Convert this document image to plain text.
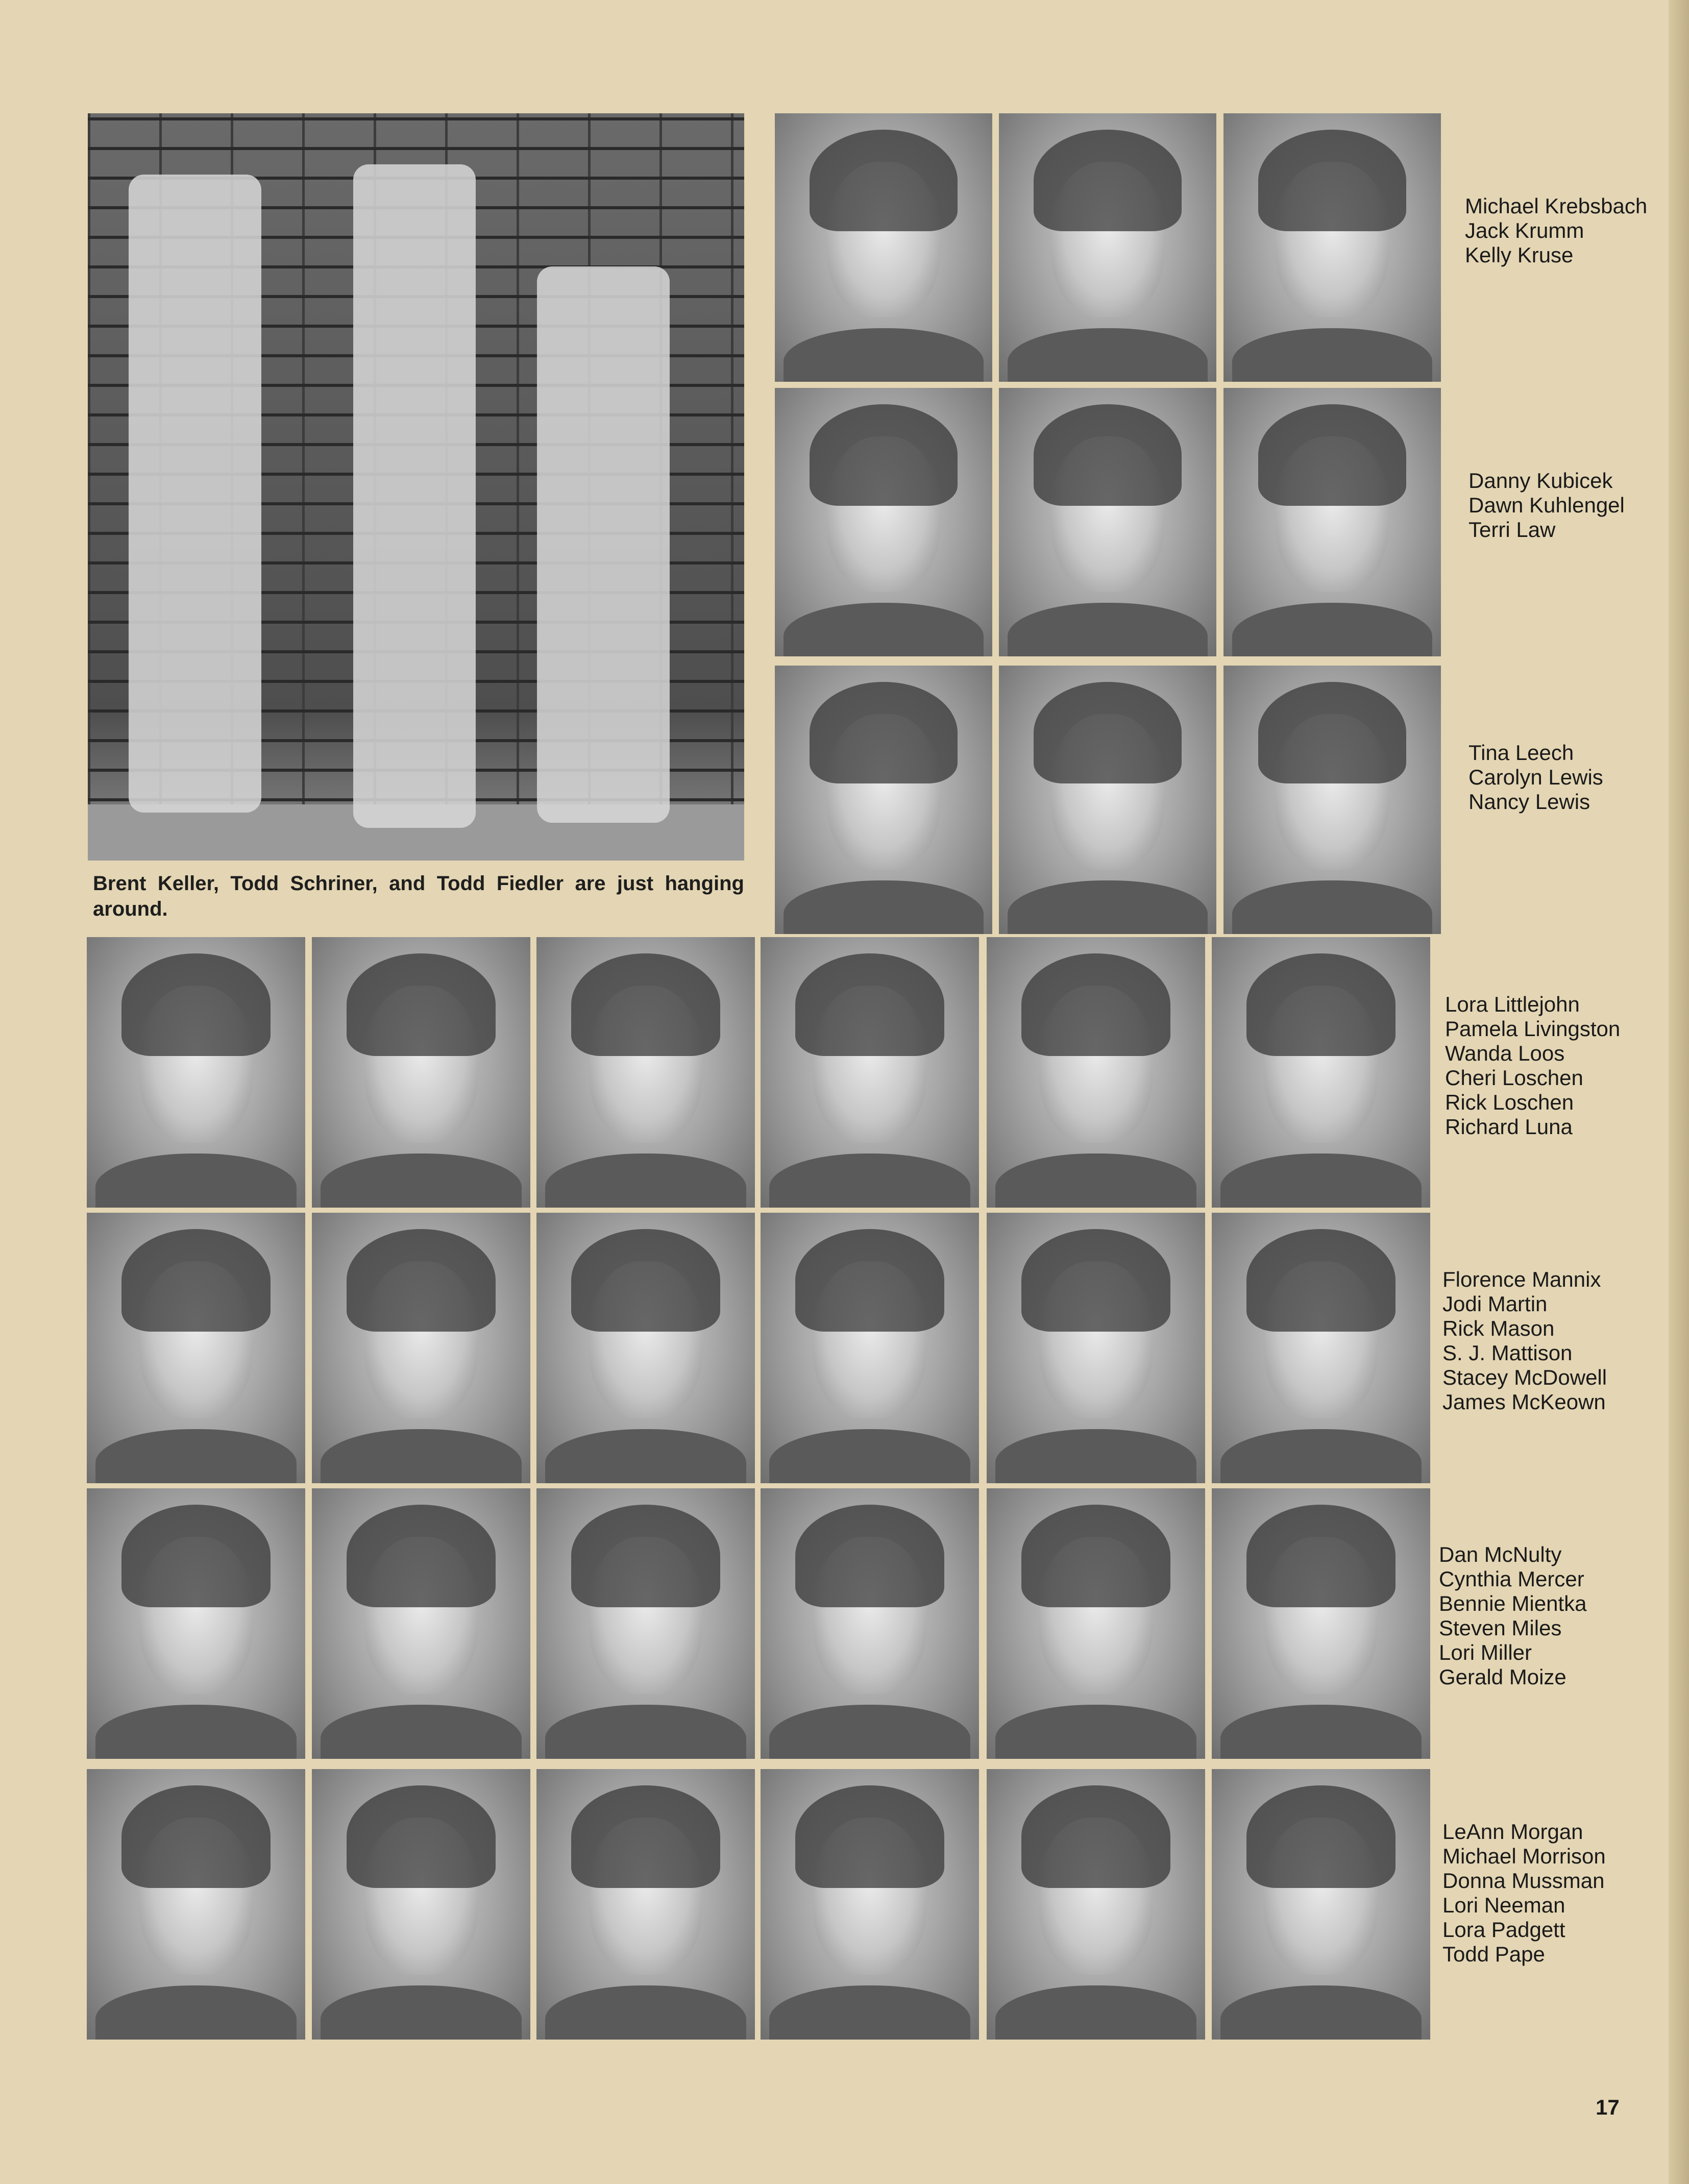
Brent Keller, Todd Schriner, and Todd Fiedler are just hanging around.
Michael Krebsbach
Jack Krumm
Kelly Kruse
Danny Kubicek
Dawn Kuhlengel
Terri Law
Tina Leech
Carolyn Lewis
Nancy Lewis
Lora Littlejohn
Pamela Livingston
Wanda Loos
Cheri Loschen
Rick Loschen
Richard Luna
Florence Mannix
Jodi Martin
Rick Mason
S. J. Mattison
Stacey McDowell
James McKeown
Dan McNulty
Cynthia Mercer
Bennie Mientka
Steven Miles
Lori Miller
Gerald Moize
LeAnn Morgan
Michael Morrison
Donna Mussman
Lori Neeman
Lora Padgett
Todd Pape
17
